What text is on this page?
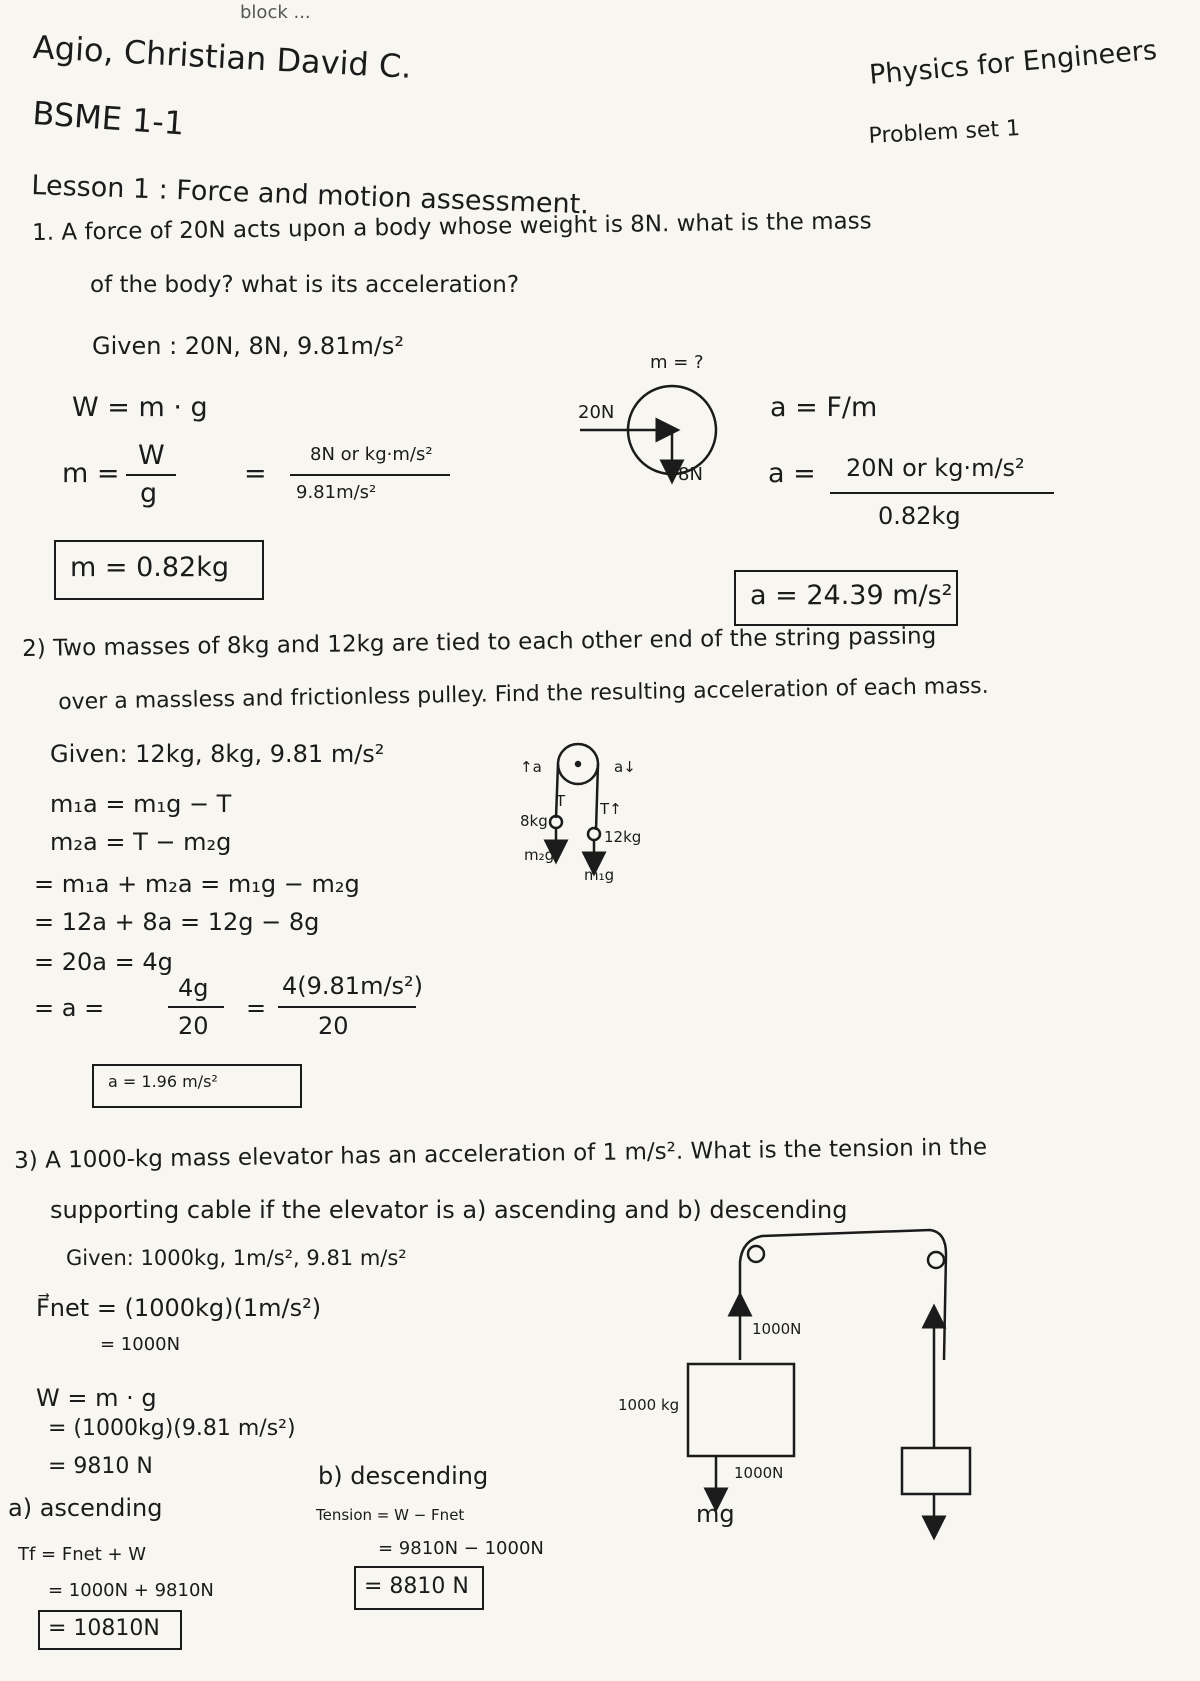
block ...
Agio, Christian David C.
BSME 1-1
Physics for Engineers
Problem set 1
Lesson 1 : Force and motion assessment.
1. A force of 20N acts upon a body whose weight is 8N. what is the mass
of the body? what is its acceleration?
Given : 20N, 8N, 9.81m/s²
W = m · g
m =
W
g
=
8N or kg·m/s²
9.81m/s²
m = 0.82kg
m = ?
20N
8N
a = F/m
a = 20N or kg·m/s²
0.82kg
a = 24.39 m/s²
2) Two masses of 8kg and 12kg are tied to each other end of the string passing
over a massless and frictionless pulley. Find the resulting acceleration of each mass.
Given: 12kg, 8kg, 9.81 m/s²
m₁a = m₁g − T
m₂a = T − m₂g
= m₁a + m₂a = m₁g − m₂g
= 12a + 8a = 12g − 8g
= 20a = 4g
= a =
4g
20
=
4(9.81m/s²)
20
a = 1.96 m/s²
↑a	a↓
T T↑
8kg
12kg
m₂g
m₁g
3) A 1000-kg mass elevator has an acceleration of 1 m/s². What is the tension in the
supporting cable if the elevator is a) ascending and b) descending
Given: 1000kg, 1m/s², 9.81 m/s²
F⃗net = (1000kg)(1m/s²)
= 1000N
W = m · g
= (1000kg)(9.81 m/s²)
= 9810 N
a) ascending
Tf = Fnet + W
= 1000N + 9810N
= 10810N
b) descending
Tension = W − Fnet
= 9810N − 1000N
= 8810 N
1000N
1000 kg
1000N
mg
